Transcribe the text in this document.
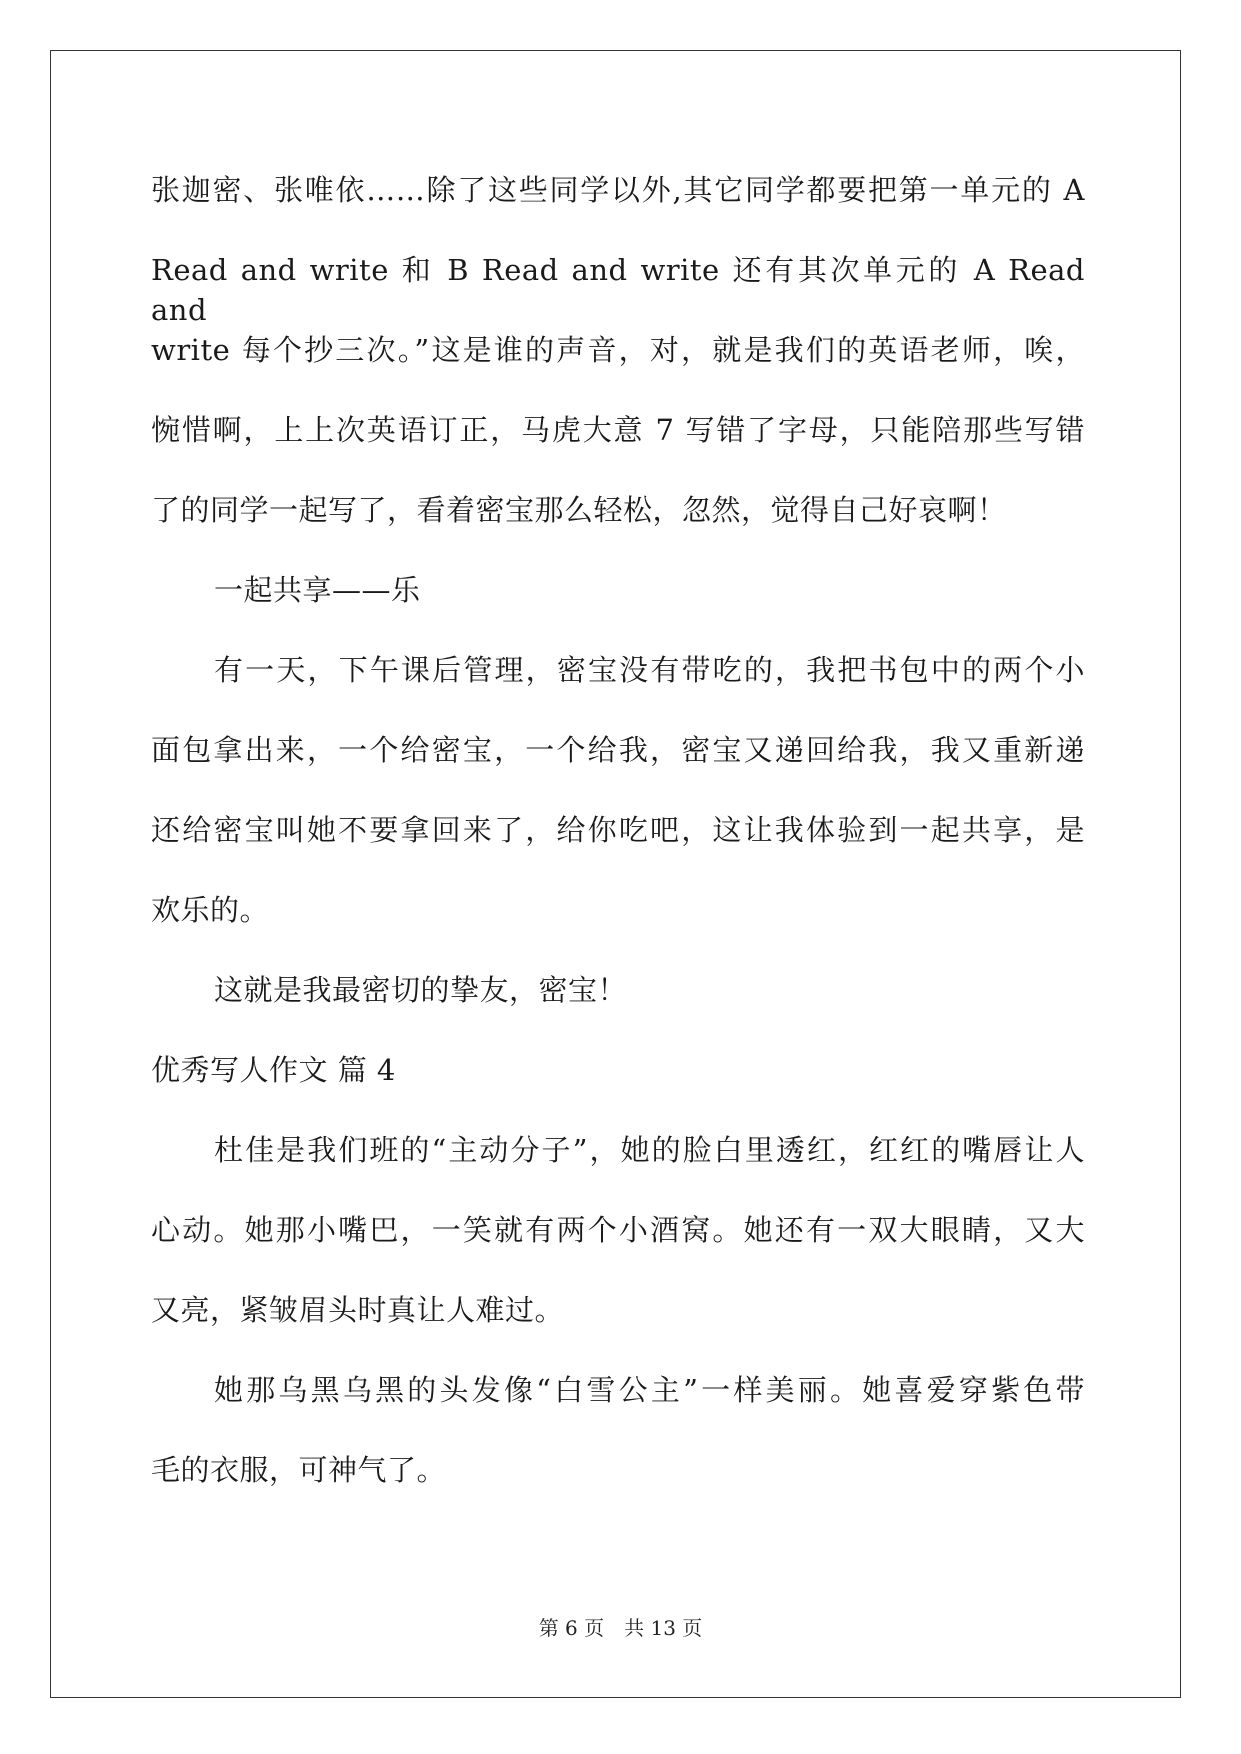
张迦密、张唯依……除了这些同学以外,其它同学都要把第一单元的 A
Read and write 和 B Read and write 还有其次单元的 A Read and
write 每个抄三次。”这是谁的声音，对，就是我们的英语老师，唉，
惋惜啊，上上次英语订正，马虎大意 7 写错了字母，只能陪那些写错
了的同学一起写了，看着密宝那么轻松，忽然，觉得自己好哀啊！
一起共享——乐
有一天，下午课后管理，密宝没有带吃的，我把书包中的两个小
面包拿出来，一个给密宝，一个给我，密宝又递回给我，我又重新递
还给密宝叫她不要拿回来了，给你吃吧，这让我体验到一起共享，是
欢乐的。
这就是我最密切的挚友，密宝！
优秀写人作文 篇 4
杜佳是我们班的“主动分子”，她的脸白里透红，红红的嘴唇让人
心动。她那小嘴巴，一笑就有两个小酒窝。她还有一双大眼睛，又大
又亮，紧皱眉头时真让人难过。
她那乌黑乌黑的头发像“白雪公主”一样美丽。她喜爱穿紫色带
毛的衣服，可神气了。
第 6 页 共 13 页
